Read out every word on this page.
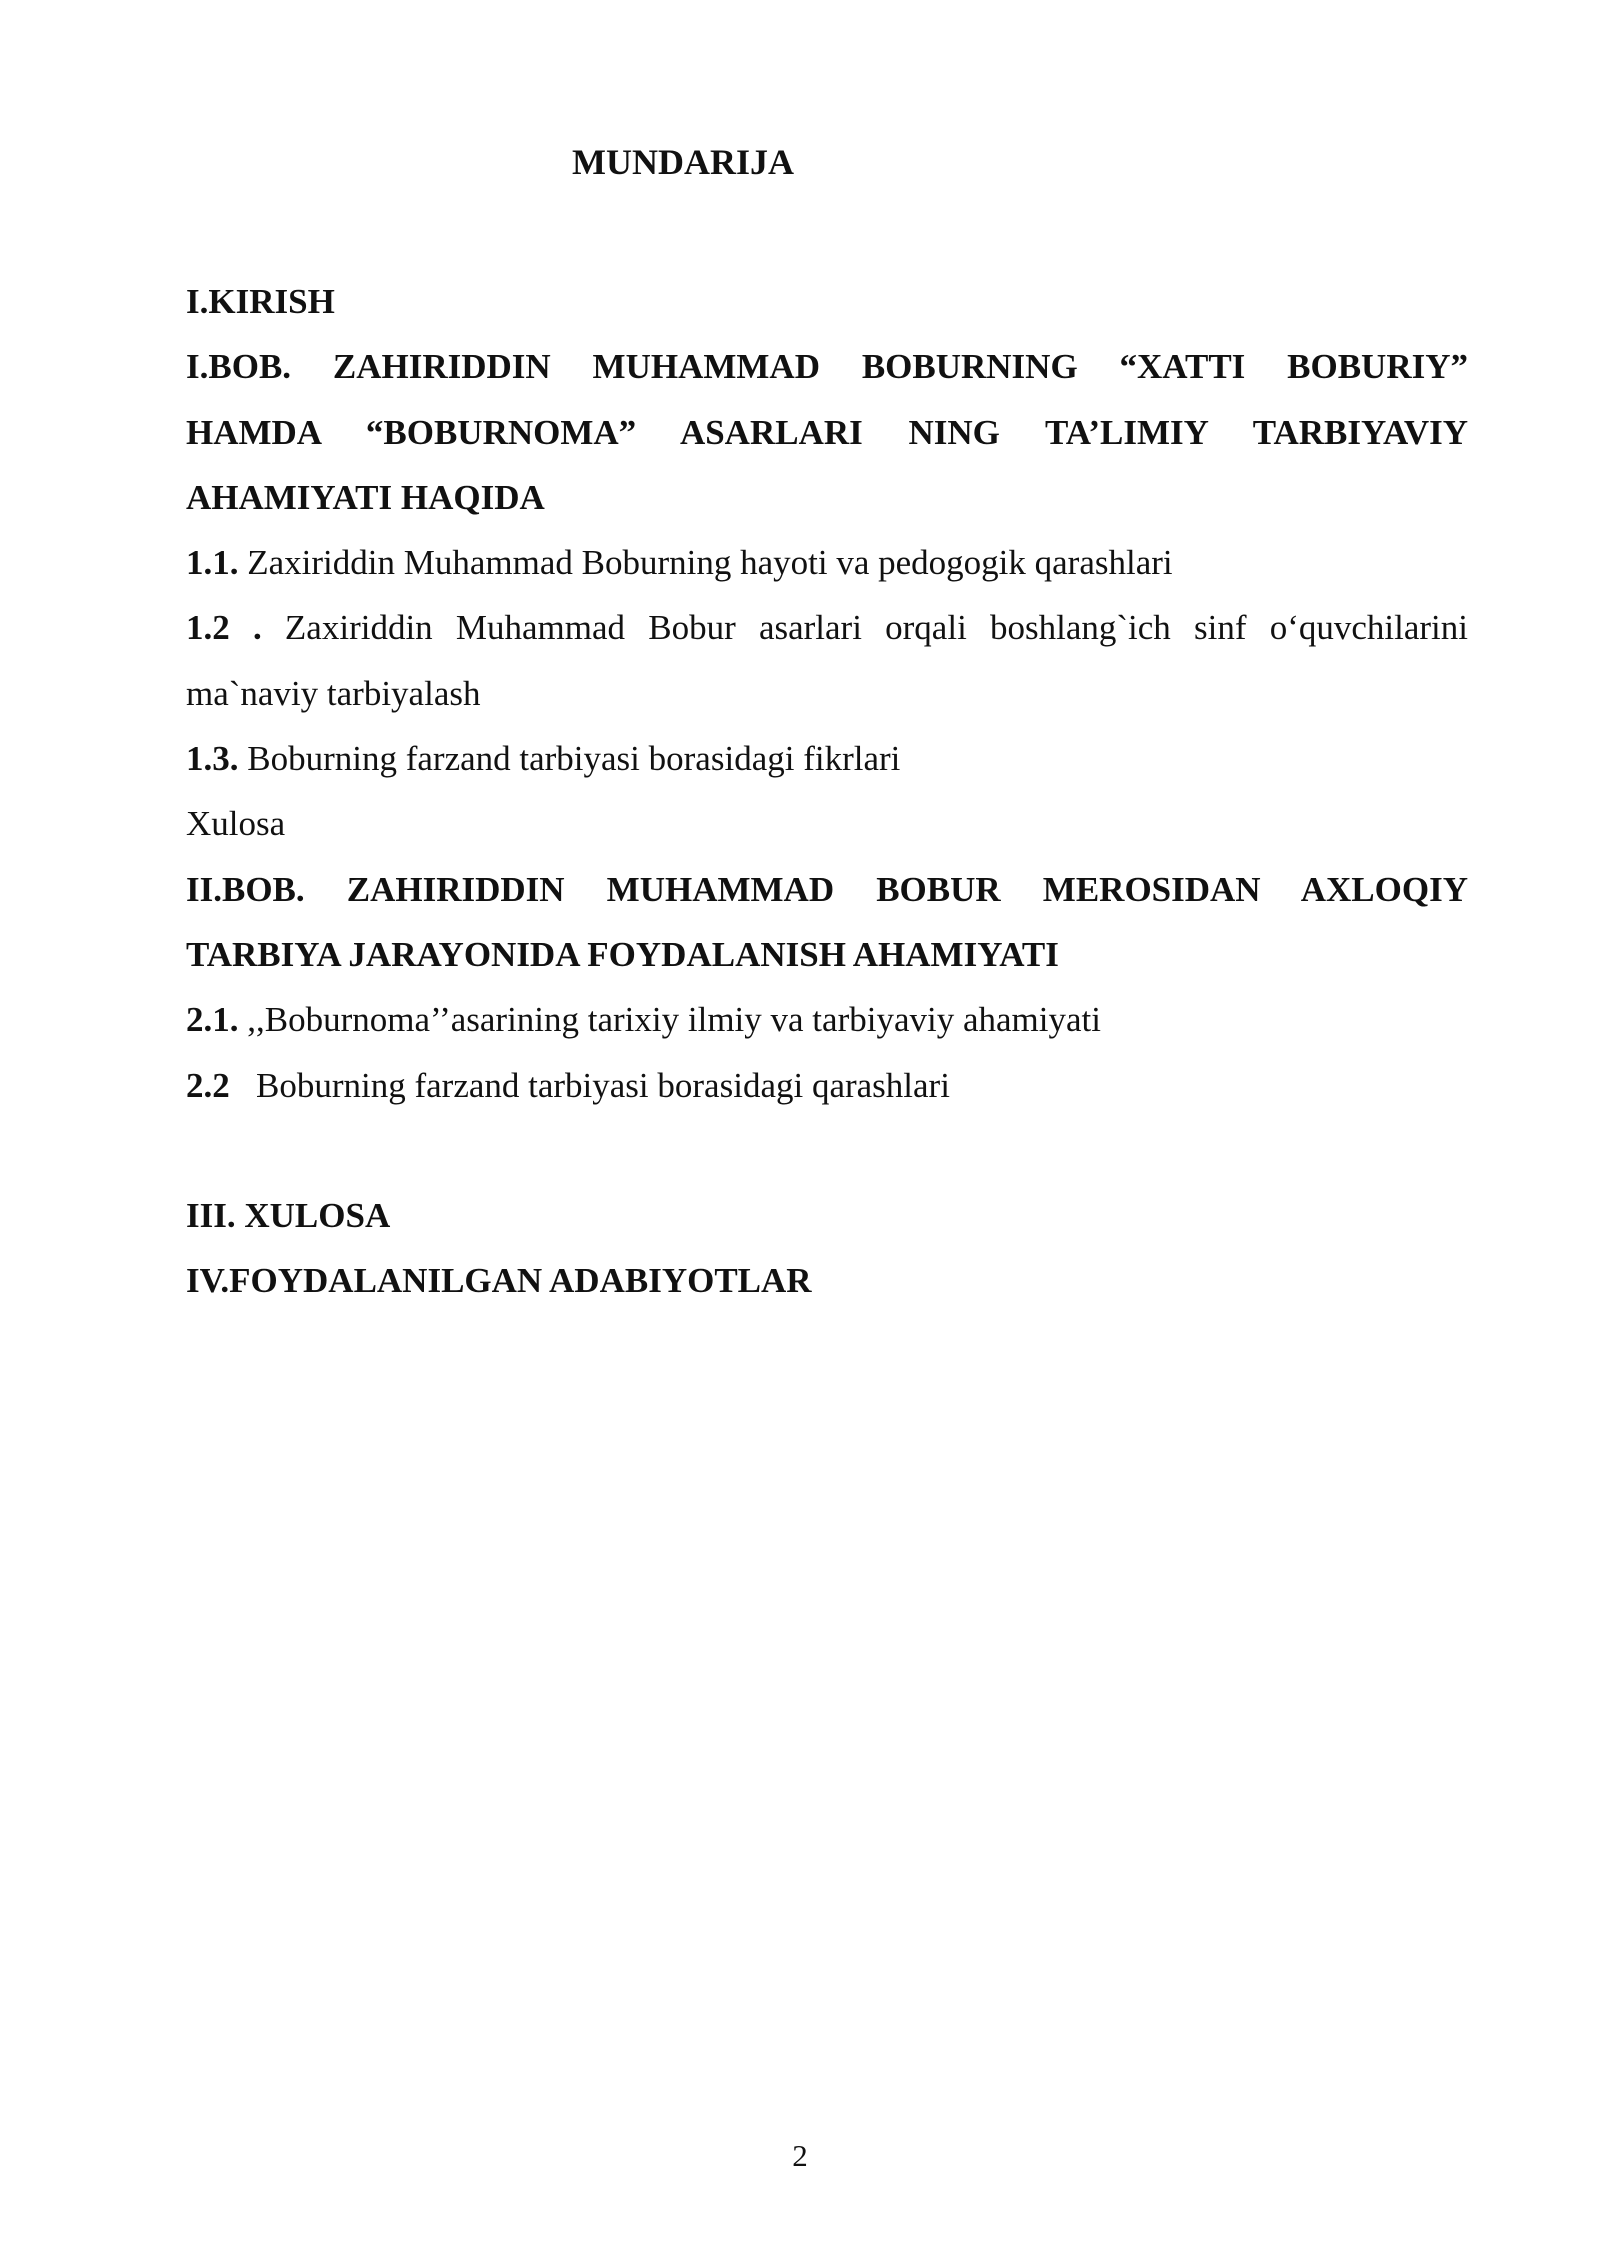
MUNDARIJA
I.KIRISH
I.BOB. ZAHIRIDDIN MUHAMMAD BOBURNING “XATTI BOBURIY”
HAMDA “BOBURNOMA” ASARLARI NING TA’LIMIY TARBIYAVIY
AHAMIYATI HAQIDA
1.1. Zaxiriddin Muhammad Boburning hayoti va pedogogik qarashlari
1.2 . Zaxiriddin Muhammad Bobur asarlari orqali boshlang`ich sinf o‘quvchilarini
ma`naviy tarbiyalash
1.3. Boburning farzand tarbiyasi borasidagi fikrlari
Xulosa
II.BOB. ZAHIRIDDIN MUHAMMAD BOBUR MEROSIDAN AXLOQIY
TARBIYA JARAYONIDA FOYDALANISH AHAMIYATI
2.1. ,,Boburnoma’’asarining tarixiy ilmiy va tarbiyaviy ahamiyati
2.2   Boburning farzand tarbiyasi borasidagi qarashlari
III. XULOSA
IV.FOYDALANILGAN ADABIYOTLAR
2
